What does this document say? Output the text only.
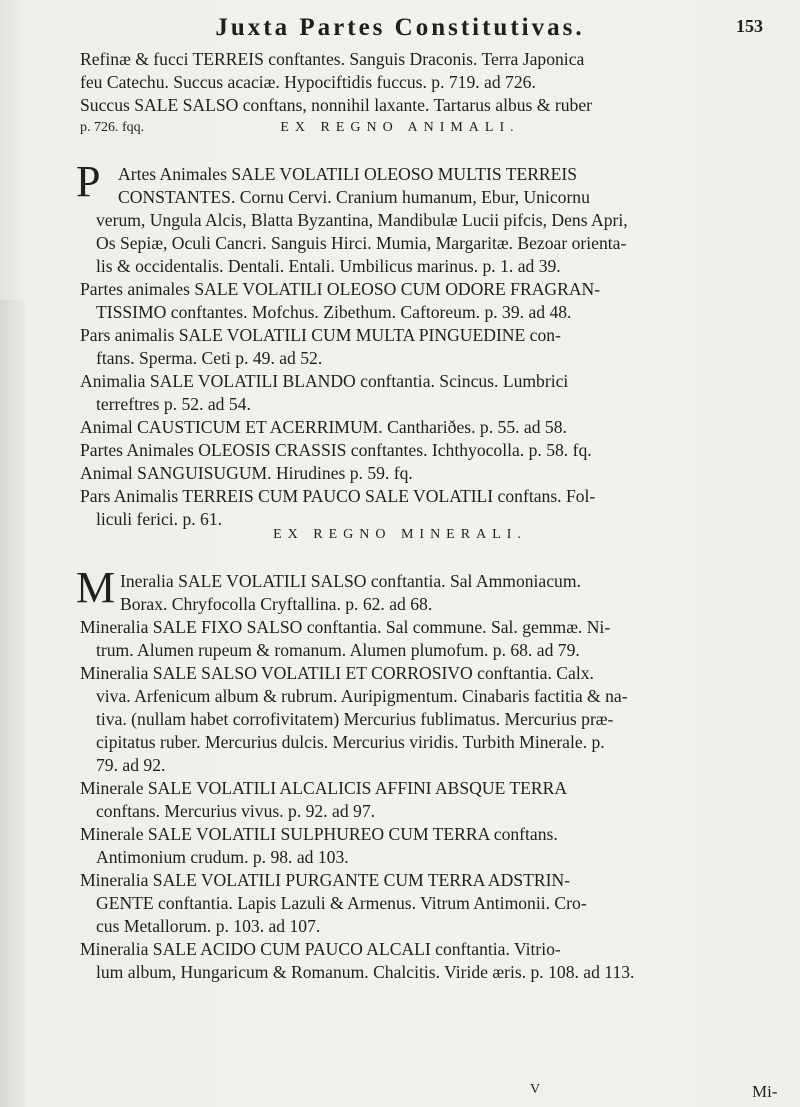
Juxta Partes Constitutivas.	153
Refinæ & fucci TERREIS conftantes. Sanguis Draconis. Terra Japonica
feu Catechu. Succus acaciæ. Hypociftidis fuccus. p. 719. ad 726.
Succus SALE SALSO conftans, nonnihil laxante. Tartarus albus & ruber
p. 726. fqq.	EX REGNO ANIMALI.
P Artes Animales SALE VOLATILI OLEOSO MULTIS TERREIS
CONSTANTES. Cornu Cervi. Cranium humanum, Ebur, Unicornu
verum, Ungula Alcis, Blatta Byzantina, Mandibulæ Lucii pifcis, Dens Apri,
Os Sepiæ, Oculi Cancri. Sanguis Hirci. Mumia, Margaritæ. Bezoar orienta-
lis & occidentalis. Dentali. Entali. Umbilicus marinus. p. 1. ad 39.
Partes animales SALE VOLATILI OLEOSO CUM ODORE FRAGRAN-
TISSIMO conftantes. Mofchus. Zibethum. Caftoreum. p. 39. ad 48.
Pars animalis SALE VOLATILI CUM MULTA PINGUEDINE con-
ftans. Sperma. Ceti p. 49. ad 52.
Animalia SALE VOLATILI BLANDO conftantia. Scincus. Lumbrici
terreftres p. 52. ad 54.
Animal CAUSTICUM ET ACERRIMUM. Canthariðes. p. 55. ad 58.
Partes Animales OLEOSIS CRASSIS conftantes. Ichthyocolla. p. 58. fq.
Animal SANGUISUGUM. Hirudines p. 59. fq.
Pars Animalis TERREIS CUM PAUCO SALE VOLATILI conftans. Fol-
liculi ferici. p. 61.
EX REGNO MINERALI.
M Ineralia SALE VOLATILI SALSO conftantia. Sal Ammoniacum.
Borax. Chryfocolla Cryftallina. p. 62. ad 68.
Mineralia SALE FIXO SALSO conftantia. Sal commune. Sal. gemmæ. Ni-
trum. Alumen rupeum & romanum. Alumen plumofum. p. 68. ad 79.
Mineralia SALE SALSO VOLATILI ET CORROSIVO conftantia. Calx.
viva. Arfenicum album & rubrum. Auripigmentum. Cinabaris factitia & na-
tiva. (nullam habet corrofivitatem) Mercurius fublimatus. Mercurius præ-
cipitatus ruber. Mercurius dulcis. Mercurius viridis. Turbith Minerale. p.
79. ad 92.
Minerale SALE VOLATILI ALCALICIS AFFINI ABSQUE TERRA
conftans. Mercurius vivus. p. 92. ad 97.
Minerale SALE VOLATILI SULPHUREO CUM TERRA conftans.
Antimonium crudum. p. 98. ad 103.
Mineralia SALE VOLATILI PURGANTE CUM TERRA ADSTRIN-
GENTE conftantia. Lapis Lazuli & Armenus. Vitrum Antimonii. Cro-
cus Metallorum. p. 103. ad 107.
Mineralia SALE ACIDO CUM PAUCO ALCALI conftantia. Vitrio-
lum album, Hungaricum & Romanum. Chalcitis. Viride æris. p. 108. ad 113.
V	Mi-
